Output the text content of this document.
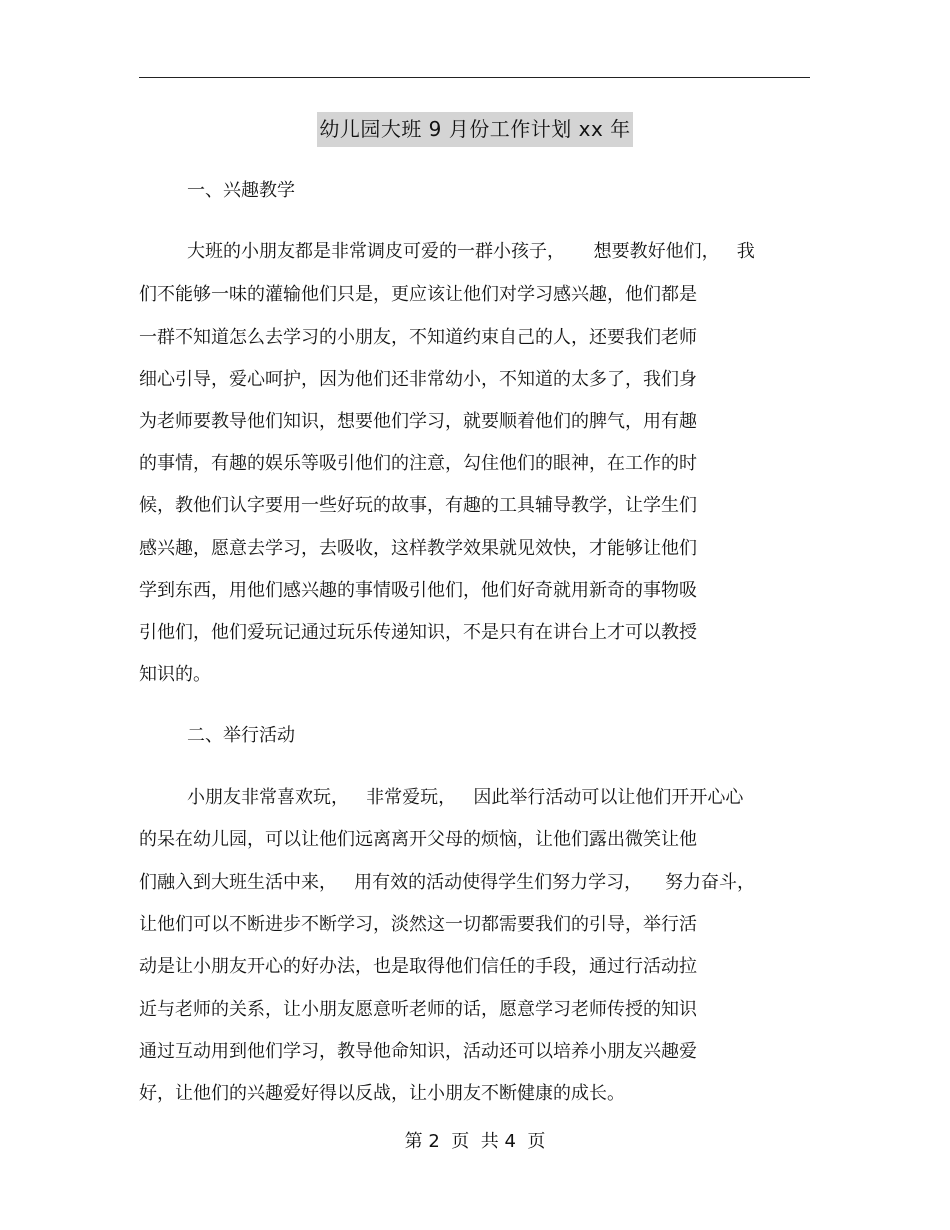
幼儿园大班 9 月份工作计划 xx 年
一、兴趣教学
大班的小朋友都是非常调皮可爱的一群小孩子，     想要教好他们，   我
们不能够一味的灌输他们只是，更应该让他们对学习感兴趣，他们都是
一群不知道怎么去学习的小朋友，不知道约束自己的人，还要我们老师
细心引导，爱心呵护，因为他们还非常幼小，不知道的太多了，我们身
为老师要教导他们知识，想要他们学习，就要顺着他们的脾气，用有趣
的事情，有趣的娱乐等吸引他们的注意，勾住他们的眼神，在工作的时
候，教他们认字要用一些好玩的故事，有趣的工具辅导教学，让学生们
感兴趣，愿意去学习，去吸收，这样教学效果就见效快，才能够让他们
学到东西，用他们感兴趣的事情吸引他们，他们好奇就用新奇的事物吸
引他们，他们爱玩记通过玩乐传递知识，不是只有在讲台上才可以教授
知识的。
二、举行活动
小朋友非常喜欢玩，   非常爱玩，   因此举行活动可以让他们开开心心
的呆在幼儿园，可以让他们远离离开父母的烦恼，让他们露出微笑让他
们融入到大班生活中来，   用有效的活动使得学生们努力学习，    努力奋斗，
让他们可以不断进步不断学习，淡然这一切都需要我们的引导，举行活
动是让小朋友开心的好办法，也是取得他们信任的手段，通过行活动拉
近与老师的关系，让小朋友愿意听老师的话，愿意学习老师传授的知识
通过互动用到他们学习，教导他命知识，活动还可以培养小朋友兴趣爱
好，让他们的兴趣爱好得以反战，让小朋友不断健康的成长。
第 2  页  共 4  页
